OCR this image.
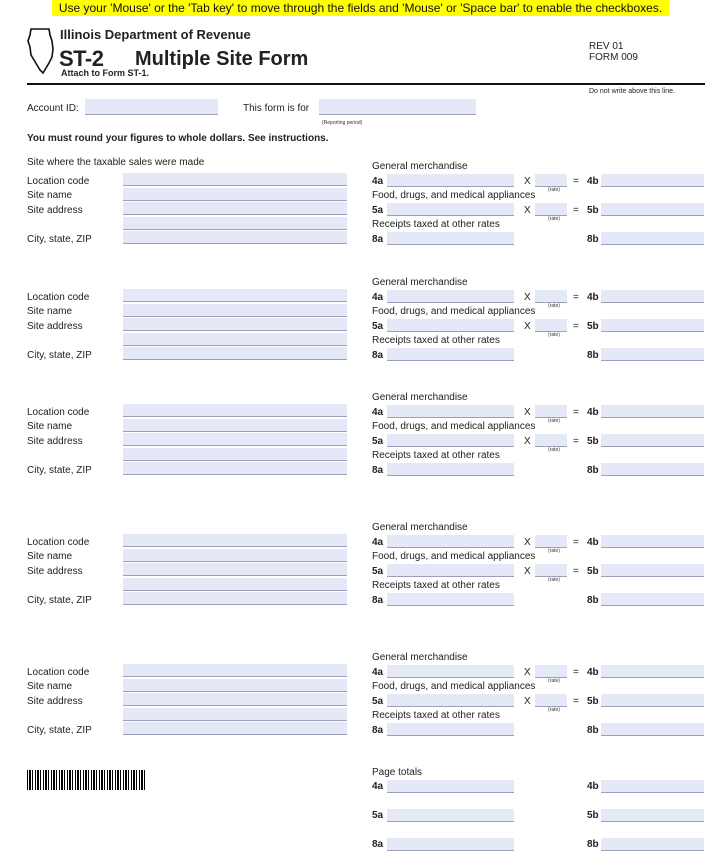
Use your 'Mouse' or the 'Tab key' to move through the fields and 'Mouse' or 'Space bar' to enable the checkboxes.
Illinois Department of Revenue
ST-2 Multiple Site Form
Attach to Form ST-1.
REV 01
FORM 009
Do not write above this line.
Account ID:	This form is for
(Reporting period)
You must round your figures to whole dollars. See instructions.
Site where the taxable sales were made
Location code
Site name
Site address
City, state, ZIP
General merchandise
4a	X
(rate)
= 4b
Food, drugs, and medical appliances
5a	X
(rate)
= 5b
Receipts taxed at other rates
8a	8b
Location code
Site name
Site address
City, state, ZIP
General merchandise
4a	X
(rate)
= 4b
Food, drugs, and medical appliances
5a	X
(rate)
= 5b
Receipts taxed at other rates
8a	8b
Location code
Site name
Site address
City, state, ZIP
General merchandise
4a	X
(rate)
= 4b
Food, drugs, and medical appliances
5a	X
(rate)
= 5b
Receipts taxed at other rates
8a	8b
Location code
Site name
Site address
City, state, ZIP
General merchandise
4a	X
(rate)
= 4b
Food, drugs, and medical appliances
5a	X
(rate)
= 5b
Receipts taxed at other rates
8a	8b
Location code
Site name
Site address
City, state, ZIP
General merchandise
4a	X
(rate)
= 4b
Food, drugs, and medical appliances
5a	X
(rate)
= 5b
Receipts taxed at other rates
8a	8b
Page totals
4a	4b
5a	5b
8a	8b
